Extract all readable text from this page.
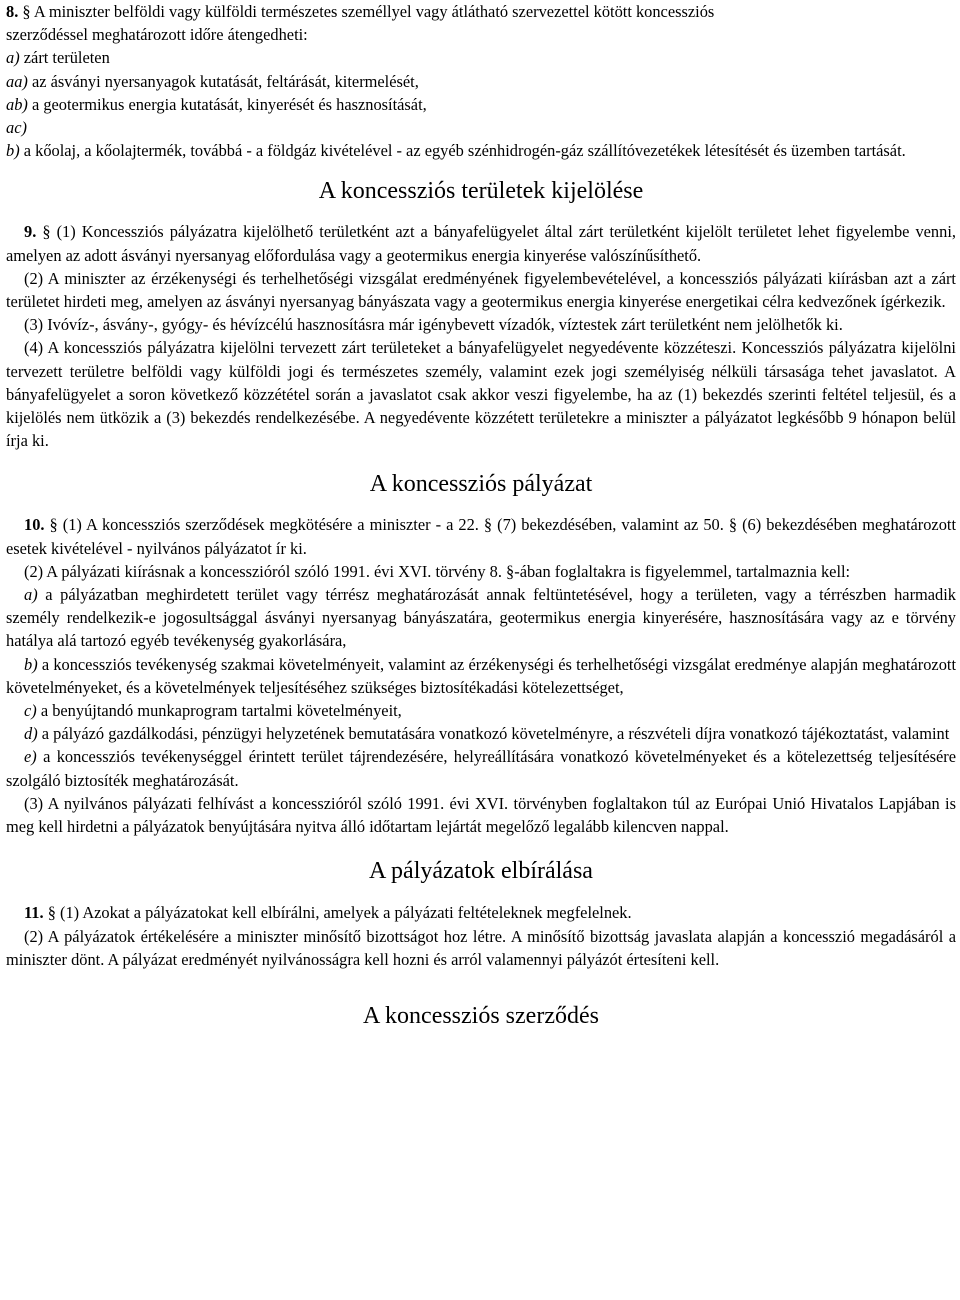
8. § A miniszter belföldi vagy külföldi természetes személlyel vagy átlátható szervezettel kötött koncessziós
szerződéssel meghatározott időre átengedheti:

a) zárt területen

aa) az ásványi nyersanyagok kutatását, feltárását, kitermelését,

ab) a geotermikus energia kutatását, kinyerését és hasznosítását,

ac)

b) a kőolaj, a kőolajtermék, továbbá - a földgáz kivételével - az egyéb szénhidrogén-gáz szállítóvezetékek létesítését és üzemben tartását.

A koncessziós területek kijelölése

9. § (1) Koncessziós pályázatra kijelölhető területként azt a bányafelügyelet által zárt területként kijelölt területet lehet figyelembe venni, amelyen az adott ásványi nyersanyag előfordulása vagy a geotermikus energia kinyerése valószínűsíthető.

(2) A miniszter az érzékenységi és terhelhetőségi vizsgálat eredményének figyelembevételével, a koncessziós pályázati kiírásban azt a zárt területet hirdeti meg, amelyen az ásványi nyersanyag bányászata vagy a geotermikus energia kinyerése energetikai célra kedvezőnek ígérkezik.

(3) Ivóvíz-, ásvány-, gyógy- és hévízcélú hasznosításra már igénybevett vízadók, víztestek zárt területként nem jelölhetők ki.

(4) A koncessziós pályázatra kijelölni tervezett zárt területeket a bányafelügyelet negyedévente közzéteszi. Koncessziós pályázatra kijelölni tervezett területre belföldi vagy külföldi jogi és természetes személy, valamint ezek jogi személyiség nélküli társasága tehet javaslatot. A bányafelügyelet a soron következő közzététel során a javaslatot csak akkor veszi figyelembe, ha az (1) bekezdés szerinti feltétel teljesül, és a kijelölés nem ütközik a (3) bekezdés rendelkezésébe. A negyedévente közzétett területekre a miniszter a pályázatot legkésőbb 9 hónapon belül írja ki.

A koncessziós pályázat

10. § (1) A koncessziós szerződések megkötésére a miniszter - a 22. § (7) bekezdésében, valamint az 50. § (6) bekezdésében meghatározott esetek kivételével - nyilvános pályázatot ír ki.

(2) A pályázati kiírásnak a koncesszióról szóló 1991. évi XVI. törvény 8. §-ában foglaltakra is figyelemmel, tartalmaznia kell:

a) a pályázatban meghirdetett terület vagy térrész meghatározását annak feltüntetésével, hogy a területen, vagy a térrészben harmadik személy rendelkezik-e jogosultsággal ásványi nyersanyag bányászatára, geotermikus energia kinyerésére, hasznosítására vagy az e törvény hatálya alá tartozó egyéb tevékenység gyakorlására,

b) a koncessziós tevékenység szakmai követelményeit, valamint az érzékenységi és terhelhetőségi vizsgálat eredménye alapján meghatározott követelményeket, és a követelmények teljesítéséhez szükséges biztosítékadási kötelezettséget,

c) a benyújtandó munkaprogram tartalmi követelményeit,

d) a pályázó gazdálkodási, pénzügyi helyzetének bemutatására vonatkozó követelményre, a részvételi díjra vonatkozó tájékoztatást, valamint

e) a koncessziós tevékenységgel érintett terület tájrendezésére, helyreállítására vonatkozó követelményeket és a kötelezettség teljesítésére szolgáló biztosíték meghatározását.

(3) A nyilvános pályázati felhívást a koncesszióról szóló 1991. évi XVI. törvényben foglaltakon túl az Európai Unió Hivatalos Lapjában is meg kell hirdetni a pályázatok benyújtására nyitva álló időtartam lejártát megelőző legalább kilencven nappal.

A pályázatok elbírálása

11. § (1) Azokat a pályázatokat kell elbírálni, amelyek a pályázati feltételeknek megfelelnek.

(2) A pályázatok értékelésére a miniszter minősítő bizottságot hoz létre. A minősítő bizottság javaslata alapján a koncesszió megadásáról a miniszter dönt. A pályázat eredményét nyilvánosságra kell hozni és arról valamennyi pályázót értesíteni kell.

A koncessziós szerződés
